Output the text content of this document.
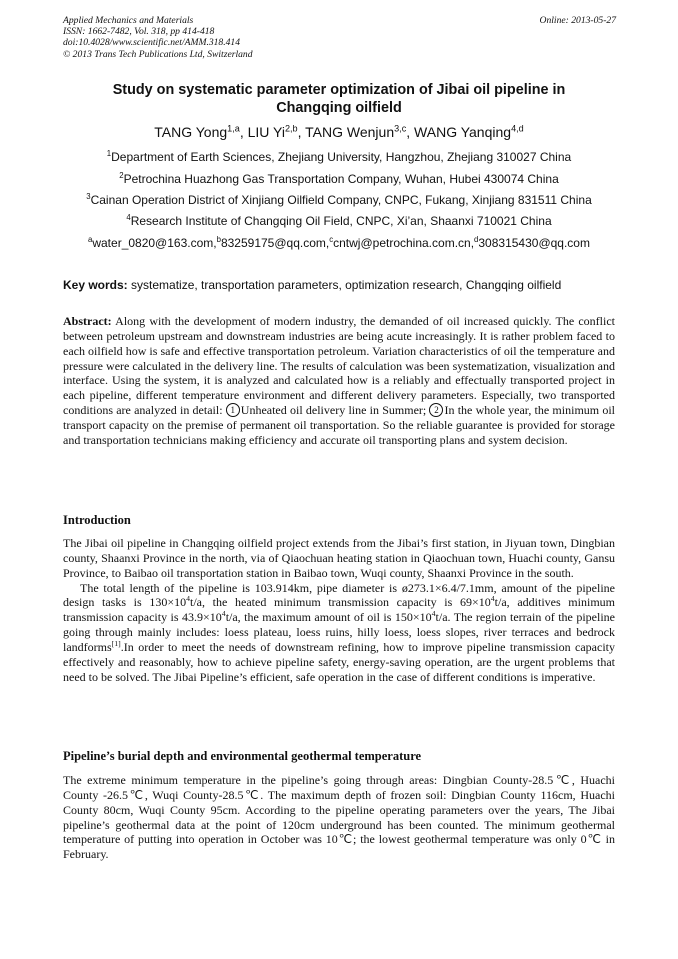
Applied Mechanics and Materials
ISSN: 1662-7482, Vol. 318, pp 414-418
doi:10.4028/www.scientific.net/AMM.318.414
© 2013 Trans Tech Publications Ltd, Switzerland
Online: 2013-05-27
Study on systematic parameter optimization of Jibai oil pipeline in
Changqing oilfield
TANG Yong$^{1,a}$, LIU Yi$^{2,b}$, TANG Wenjun$^{3,c}$, WANG Yanqing$^{4,d}$
$^1$Department of Earth Sciences, Zhejiang University, Hangzhou, Zhejiang 310027 China
$^2$Petrochina Huazhong Gas Transportation Company, Wuhan, Hubei 430074 China
$^3$Cainan Operation District of Xinjiang Oilfield Company, CNPC, Fukang, Xinjiang 831511 China
$^4$Research Institute of Changqing Oil Field, CNPC, Xi’an, Shaanxi 710021 China
$^a$water_0820@163.com,$^b$83259175@qq.com,$^c$cntwj@petrochina.com.cn,$^d$308315430@qq.com
Key words: systematize, transportation parameters, optimization research, Changqing oilfield

Abstract: Along with the development of modern industry, the demanded of oil increased quickly. The conflict between petroleum upstream and downstream industries are being acute increasingly. It is rather problem faced to each oilfield how is safe and effective transportation petroleum. Variation characteristics of oil the temperature and pressure were calculated in the delivery line. The results of calculation was been systematization, visualization and interface. Using the system, it is analyzed and calculated how is a reliably and effectually transported project in each pipeline, different temperature environment and different delivery parameters. Especially, two transported conditions are analyzed in detail: 1 Unheated oil delivery line in Summer; 2 In the whole year, the minimum oil transport capacity on the premise of permanent oil transportation. So the reliable guarantee is provided for storage and transportation technicians making efficiency and accurate oil transporting plans and system decision.

Introduction

The Jibai oil pipeline in Changqing oilfield project extends from the Jibai’s first station, in Jiyuan town, Dingbian county, Shaanxi Province in the north, via of Qiaochuan heating station in Qiaochuan town, Huachi county, Gansu Province, to Baibao oil transportation station in Baibao town, Wuqi county, Shaanxi Province in the south.

The total length of the pipeline is 103.914km, pipe diameter is ø273.1×6.4/7.1mm, amount of the pipeline design tasks is $130\times 10^4t/a$, the heated minimum transmission capacity is $69\times 10^4t/a$, additives minimum transmission capacity is $43.9\times 10^4t/a$, the maximum amount of oil is $150\times 10^4t/a$. The region terrain of the pipeline going through mainly includes: loess plateau, loess ruins, hilly loess, loess slopes, river terraces and bedrock landforms[1].In order to meet the needs of downstream refining, how to improve pipeline transmission capacity effectively and reasonably, how to achieve pipeline safety, energy-saving operation, are the urgent problems that need to be solved. The Jibai Pipeline’s efficient, safe operation in the case of different conditions is imperative.

Pipeline’s burial depth and environmental geothermal temperature

The extreme minimum temperature in the pipeline’s going through areas: Dingbian County-28.5℃, Huachi County -26.5℃, Wuqi County-28.5℃. The maximum depth of frozen soil: Dingbian County 116cm, Huachi County 80cm, Wuqi County 95cm. According to the pipeline operating parameters over the years, The Jibai pipeline’s geothermal data at the point of 120cm underground has been counted. The minimum geothermal temperature of putting into operation in October was 10℃; the lowest geothermal temperature was only 0℃ in February.
